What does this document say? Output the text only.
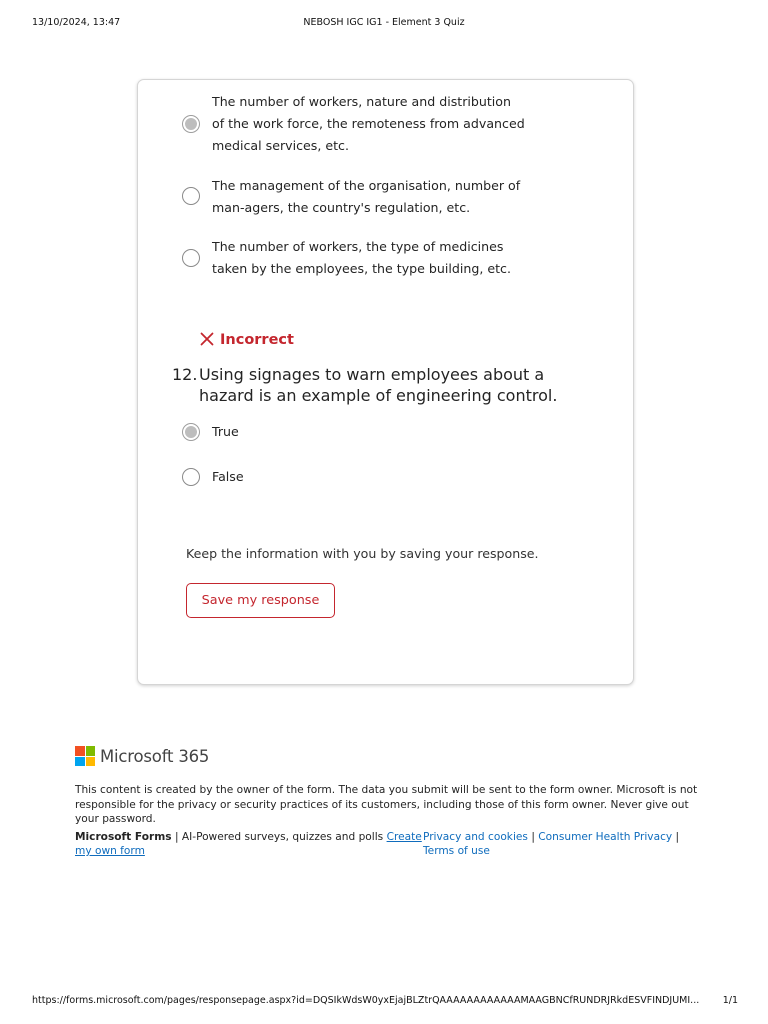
13/10/2024, 13:47	NEBOSH IGC IG1 - Element 3 Quiz
The number of workers, nature and distribution of the work force, the remoteness from advanced medical services, etc.
The management of the organisation, number of man-agers, the country's regulation, etc.
The number of workers, the type of medicines taken by the employees, the type building, etc.
Incorrect
12. Using signages to warn employees about a hazard is an example of engineering control.
True
False
Keep the information with you by saving your response.
Save my response
Microsoft 365
This content is created by the owner of the form. The data you submit will be sent to the form owner. Microsoft is not responsible for the privacy or security practices of its customers, including those of this form owner. Never give out your password.
Microsoft Forms | AI-Powered surveys, quizzes and polls Create my own form
Privacy and cookies | Consumer Health Privacy |
Terms of use
https://forms.microsoft.com/pages/responsepage.aspx?id=DQSIkWdsW0yxEjajBLZtrQAAAAAAAAAAAAMAAGBNCfRUNDRJRkdESVFINDJUMI...	1/1
